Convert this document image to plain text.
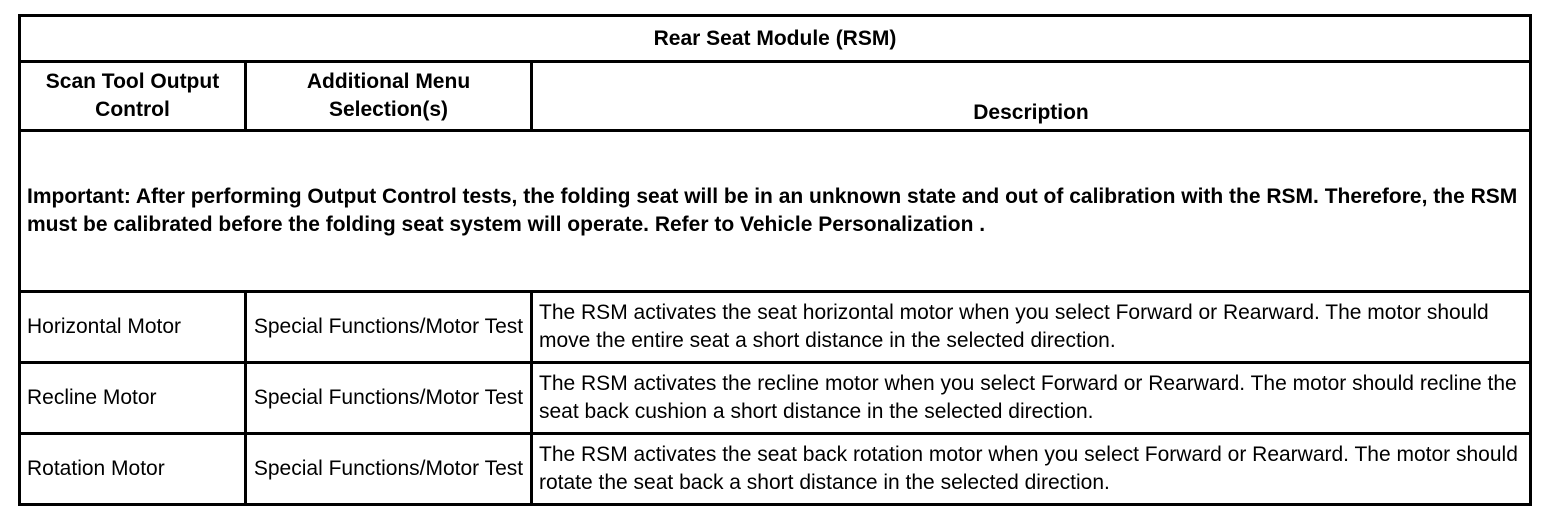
Rear Seat Module (RSM)		
Scan Tool Output Control	Additional Menu Selection(s)	Description
Important: After performing Output Control tests, the folding seat will be in an unknown state and out of calibration with the RSM. Therefore, the RSM must be calibrated before the folding seat system will operate. Refer to Vehicle Personalization .		
Horizontal Motor	Special Functions/Motor Test	The RSM activates the seat horizontal motor when you select Forward or Rearward. The motor should move the entire seat a short distance in the selected direction.
Recline Motor	Special Functions/Motor Test	The RSM activates the recline motor when you select Forward or Rearward. The motor should recline the seat back cushion a short distance in the selected direction.
Rotation Motor	Special Functions/Motor Test	The RSM activates the seat back rotation motor when you select Forward or Rearward. The motor should rotate the seat back a short distance in the selected direction.
